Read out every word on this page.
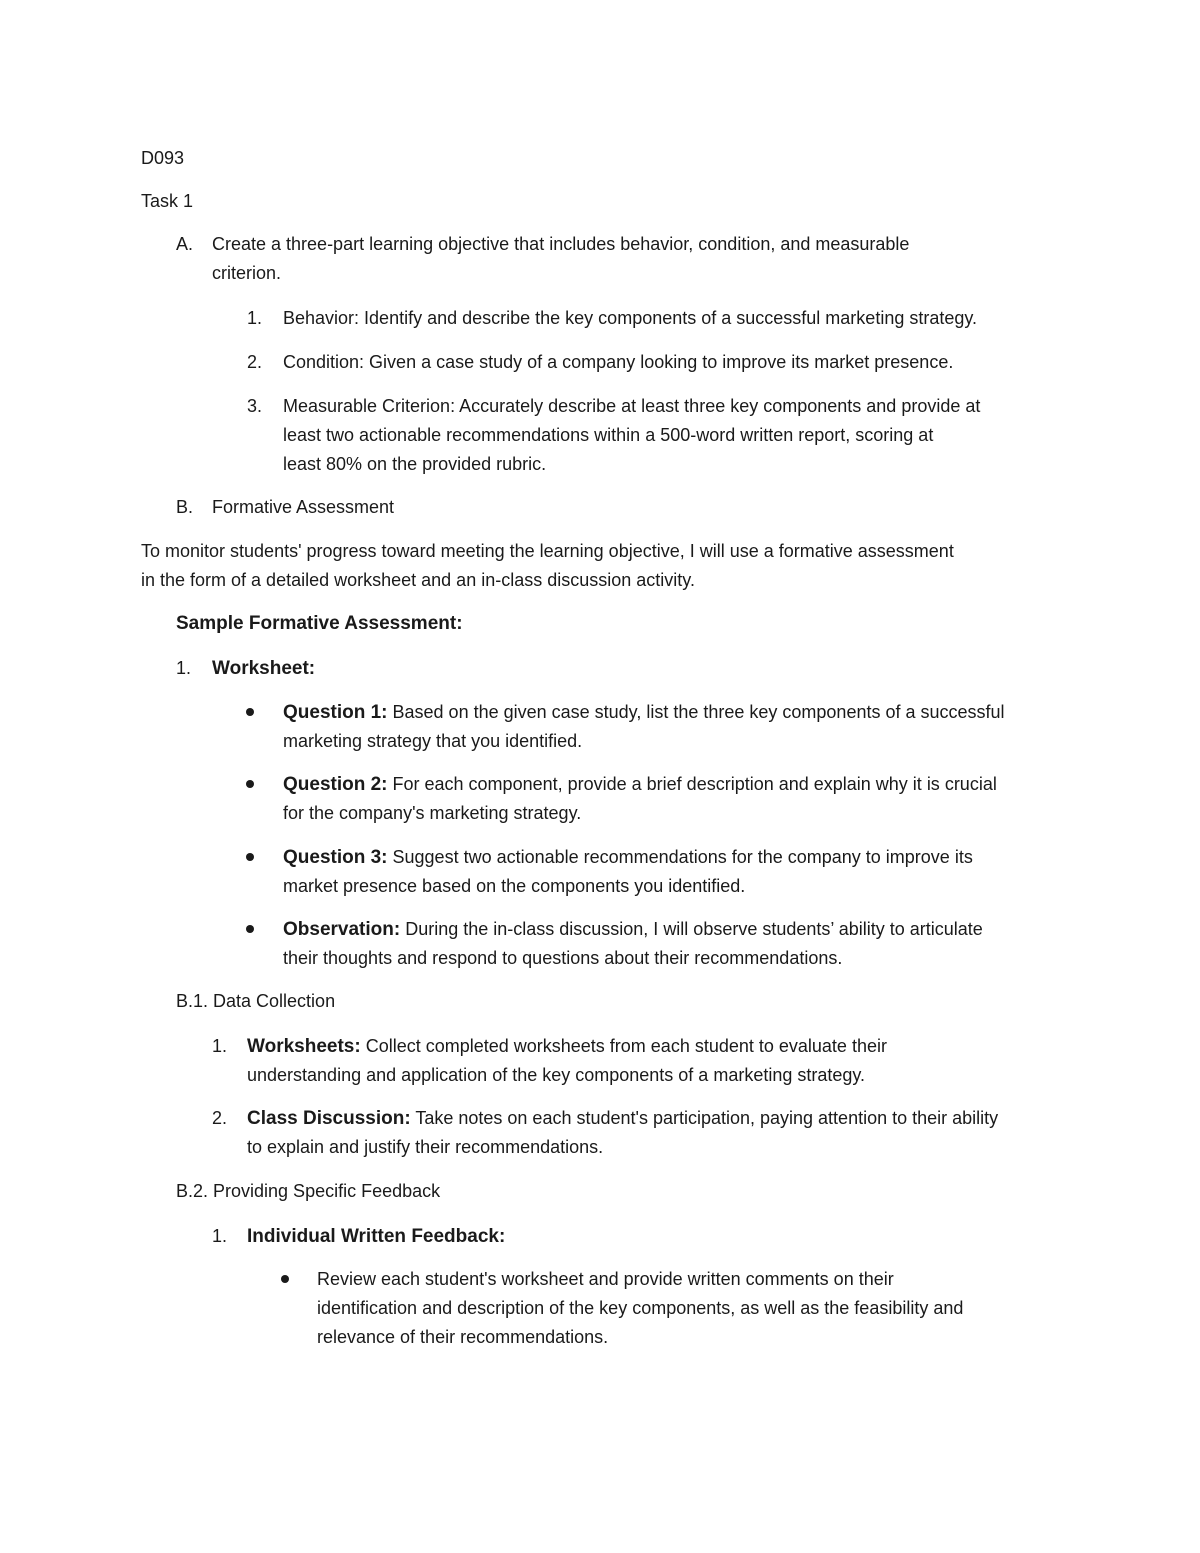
D093
Task 1
A. Create a three-part learning objective that includes behavior, condition, and measurable
criterion.
1. Behavior: Identify and describe the key components of a successful marketing strategy.
2. Condition: Given a case study of a company looking to improve its market presence.
3. Measurable Criterion: Accurately describe at least three key components and provide at
least two actionable recommendations within a 500-word written report, scoring at
least 80% on the provided rubric.
B. Formative Assessment
To monitor students' progress toward meeting the learning objective, I will use a formative assessment
in the form of a detailed worksheet and an in-class discussion activity.
Sample Formative Assessment:
1. Worksheet:
Question 1: Based on the given case study, list the three key components of a successful
marketing strategy that you identified.
Question 2: For each component, provide a brief description and explain why it is crucial
for the company's marketing strategy.
Question 3: Suggest two actionable recommendations for the company to improve its
market presence based on the components you identified.
Observation: During the in-class discussion, I will observe students’ ability to articulate
their thoughts and respond to questions about their recommendations.
B.1. Data Collection
1. Worksheets: Collect completed worksheets from each student to evaluate their
understanding and application of the key components of a marketing strategy.
2. Class Discussion: Take notes on each student's participation, paying attention to their ability
to explain and justify their recommendations.
B.2. Providing Specific Feedback
1. Individual Written Feedback:
Review each student's worksheet and provide written comments on their
identification and description of the key components, as well as the feasibility and
relevance of their recommendations.
